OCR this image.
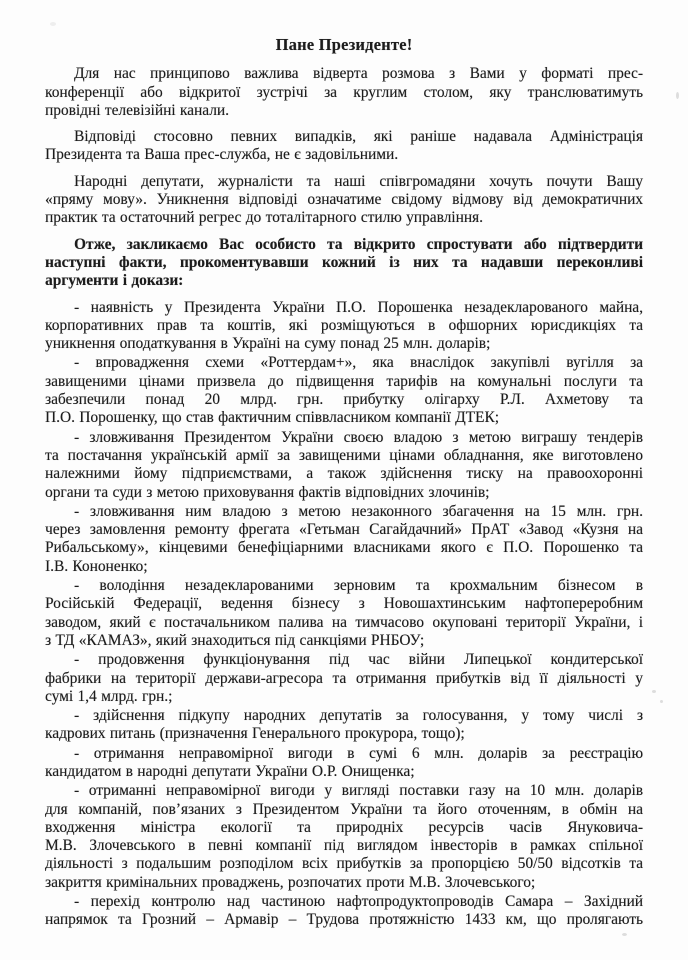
Пане Президенте!
Для нас принципово важлива відверта розмова з Вами у форматі прес-
конференції або відкритої зустрічі за круглим столом, яку транслюватимуть
провідні телевізійні канали.
Відповіді стосовно певних випадків, які раніше надавала Адміністрація
Президента та Ваша прес-служба, не є задовільними.
Народні депутати, журналісти та наші співгромадяни хочуть почути Вашу
«пряму мову». Уникнення відповіді означатиме свідому відмову від демократичних
практик та остаточний регрес до тоталітарного стилю управління.
Отже, закликаємо Вас особисто та відкрито спростувати або підтвердити
наступні факти, прокоментувавши кожний із них та надавши переконливі
аргументи і докази:
- наявність у Президента України П.О. Порошенка незадекларованого майна,
корпоративних прав та коштів, які розміщуються в офшорних юрисдикціях та
уникнення оподаткування в Україні на суму понад 25 млн. доларів;
- впровадження схеми «Роттердам+», яка внаслідок закупівлі вугілля за
завищеними цінами призвела до підвищення тарифів на комунальні послуги та
забезпечили понад 20 млрд. грн. прибутку олігарху Р.Л. Ахметову та
П.О. Порошенку, що став фактичним співвласником компанії ДТЕК;
- зловживання Президентом України своєю владою з метою виграшу тендерів
та постачання українській армії за завищеними цінами обладнання, яке виготовлено
належними йому підприємствами, а також здійснення тиску на правоохоронні
органи та суди з метою приховування фактів відповідних злочинів;
- зловживання ним владою з метою незаконного збагачення на 15 млн. грн.
через замовлення ремонту фрегата «Гетьман Сагайдачний» ПрАТ «Завод «Кузня на
Рибальському», кінцевими бенефіціарними власниками якого є П.О. Порошенко та
І.В. Кононенко;
- володіння незадекларованими зерновим та крохмальним бізнесом в
Російській Федерації, ведення бізнесу з Новошахтинським нафтопереробним
заводом, який є постачальником палива на тимчасово окуповані території України, і
з ТД «КАМАЗ», який знаходиться під санкціями РНБОУ;
- продовження функціонування під час війни Липецької кондитерської
фабрики на території держави-агресора та отримання прибутків від її діяльності у
сумі 1,4 млрд. грн.;
- здійснення підкупу народних депутатів за голосування, у тому числі з
кадрових питань (призначення Генерального прокурора, тощо);
- отримання неправомірної вигоди в сумі 6 млн. доларів за реєстрацію
кандидатом в народні депутати України О.Р. Онищенка;
- отриманні неправомірної вигоди у вигляді поставки газу на 10 млн. доларів
для компаній, пов’язаних з Президентом України та його оточенням, в обмін на
входження міністра екології та природніх ресурсів часів Януковича-
М.В. Злочевського в певні компанії під виглядом інвесторів в рамках спільної
діяльності з подальшим розподілом всіх прибутків за пропорцією 50/50 відсотків та
закриття кримінальних проваджень, розпочатих проти М.В. Злочевського;
- перехід контролю над частиною нафтопродуктопроводів Самара – Західний
напрямок та Грозний – Армавір – Трудова протяжністю 1433 км, що пролягають
